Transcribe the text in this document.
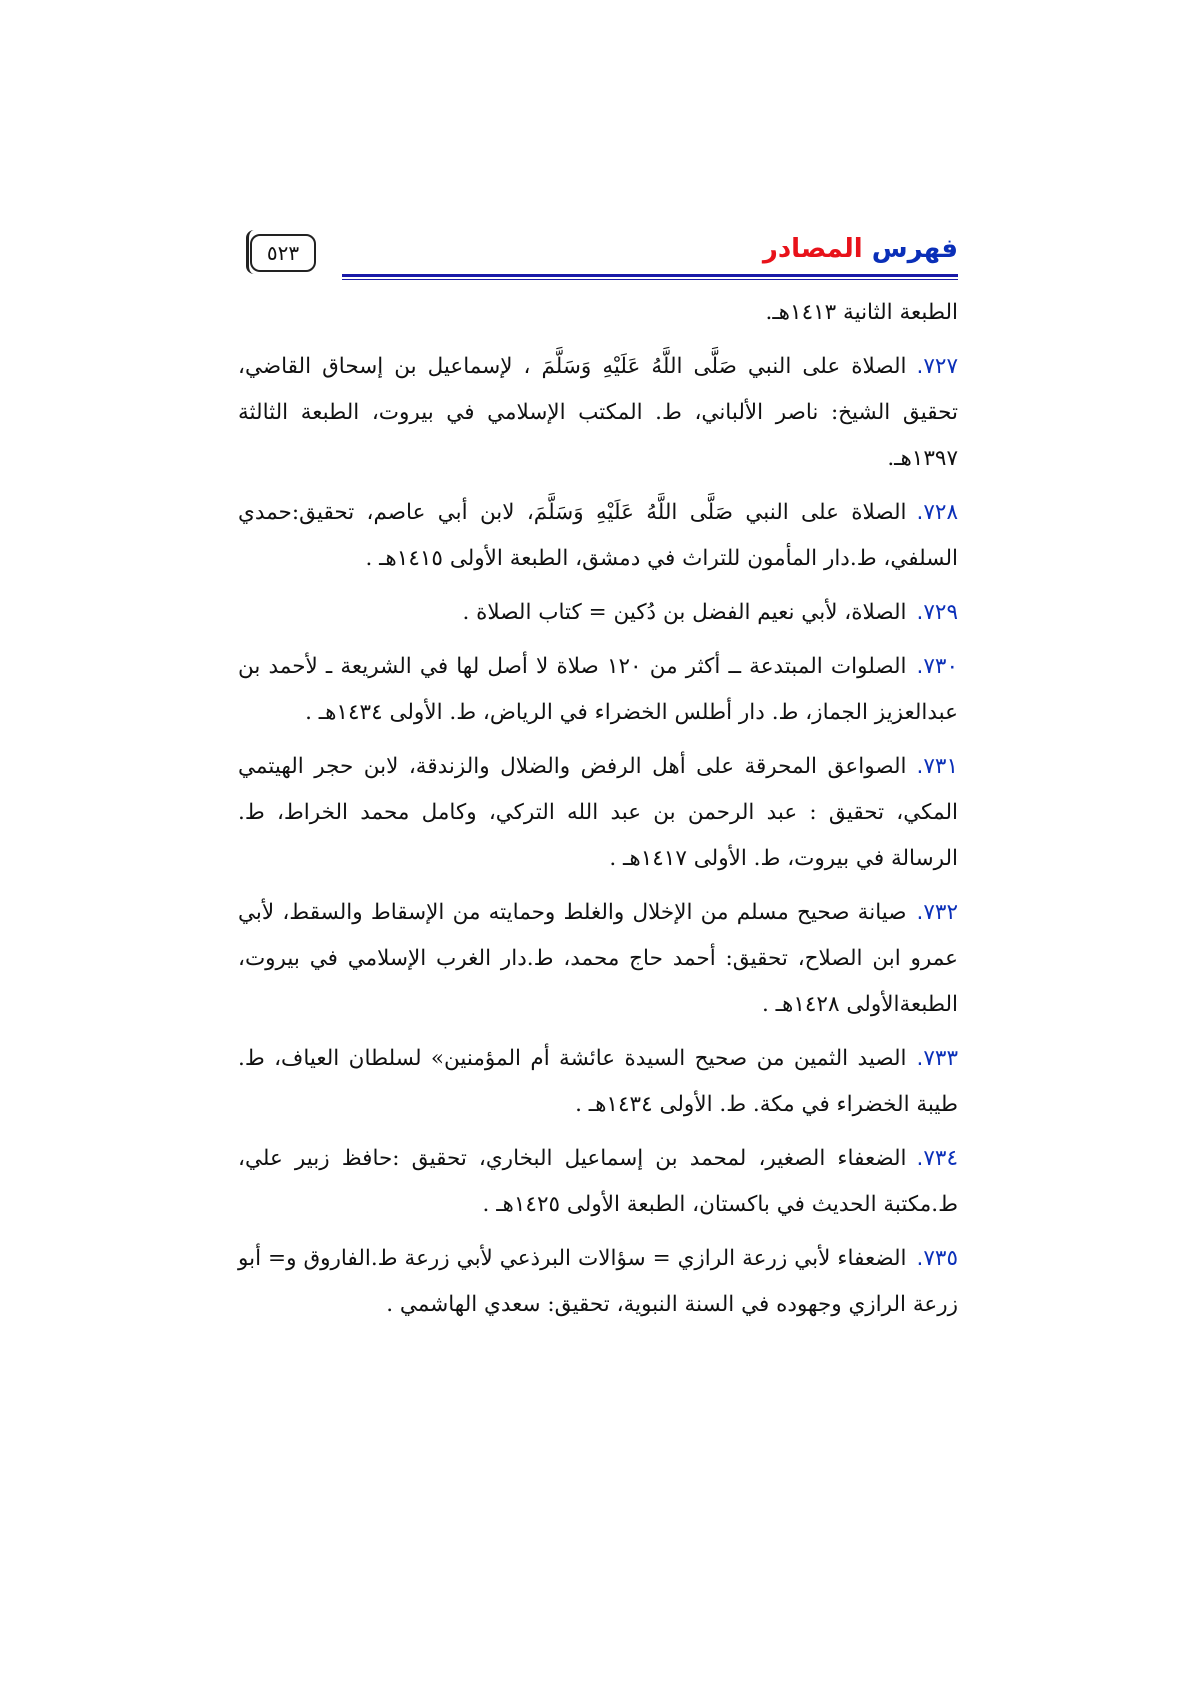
٥٢٣	فهرس المصادر

الطبعة الثانية ١٤١٣هـ.

٧٢٧.الصلاة على النبي صَلَّى اللَّهُ عَلَيْهِ وَسَلَّمَ ، لإسماعيل بن إسحاق القاضي، تحقيق الشيخ: ناصر الألباني، ط. المكتب الإسلامي في بيروت، الطبعة الثالثة ١٣٩٧هـ.

٧٢٨.الصلاة على النبي صَلَّى اللَّهُ عَلَيْهِ وَسَلَّمَ، لابن أبي عاصم، تحقيق:حمدي السلفي، ط.دار المأمون للتراث في دمشق، الطبعة الأولى ١٤١٥هـ .

٧٢٩.الصلاة، لأبي نعيم الفضل بن دُكين = كتاب الصلاة .

٧٣٠.الصلوات المبتدعة ــ أكثر من ١٢٠ صلاة لا أصل لها في الشريعة ـ لأحمد بن عبدالعزيز الجماز، ط. دار أطلس الخضراء في الرياض، ط. الأولى ١٤٣٤هـ .

٧٣١.الصواعق المحرقة على أهل الرفض والضلال والزندقة، لابن حجر الهيتمي المكي، تحقيق : عبد الرحمن بن عبد الله التركي، وكامل محمد الخراط، ط. الرسالة في بيروت، ط. الأولى ١٤١٧هـ .

٧٣٢.صيانة صحيح مسلم من الإخلال والغلط وحمايته من الإسقاط والسقط، لأبي عمرو ابن الصلاح، تحقيق: أحمد حاج محمد، ط.دار الغرب الإسلامي في بيروت، الطبعةالأولى ١٤٢٨هـ .

٧٣٣.الصيد الثمين من صحيح السيدة عائشة أم المؤمنين» لسلطان العياف، ط. طيبة الخضراء في مكة. ط. الأولى ١٤٣٤هـ .

٧٣٤.الضعفاء الصغير، لمحمد بن إسماعيل البخاري، تحقيق :حافظ زبير علي، ط.مكتبة الحديث في باكستان، الطبعة الأولى ١٤٢٥هـ .

٧٣٥.الضعفاء لأبي زرعة الرازي = سؤالات البرذعي لأبي زرعة ط.الفاروق و= أبو زرعة الرازي وجهوده في السنة النبوية، تحقيق: سعدي الهاشمي .
